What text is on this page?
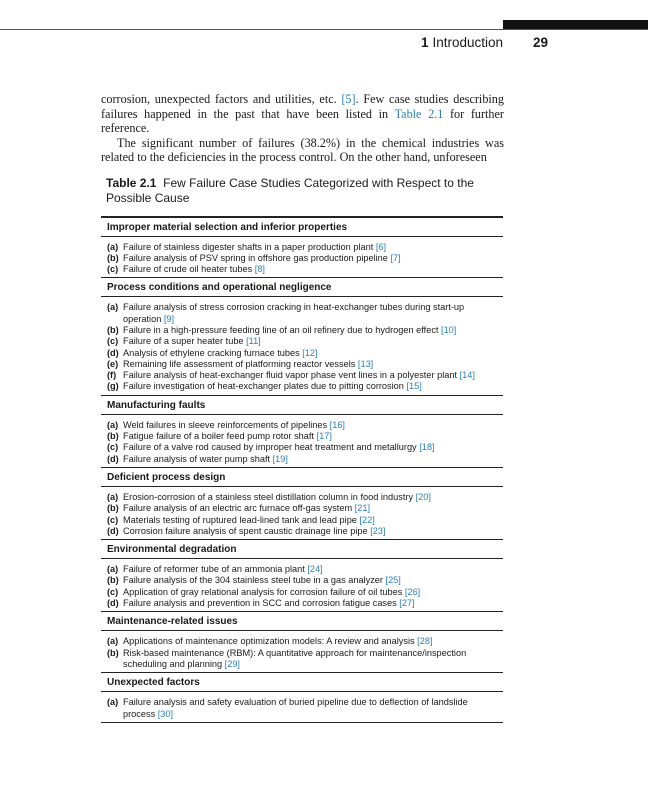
1 Introduction 29

corrosion, unexpected factors and utilities, etc. [5]. Few case studies describing failures happened in the past that have been listed in Table 2.1 for further reference.

The significant number of failures (38.2%) in the chemical industries was related to the deficiencies in the process control. On the other hand, unforeseen

Table 2.1 Few Failure Case Studies Categorized with Respect to the Possible Cause
Improper material selection and inferior properties
(a) Failure of stainless digester shafts in a paper production plant [6]
(b) Failure analysis of PSV spring in offshore gas production pipeline [7]
(c) Failure of crude oil heater tubes [8]
Process conditions and operational negligence
(a) Failure analysis of stress corrosion cracking in heat-exchanger tubes during start-up operation [9]
(b) Failure in a high-pressure feeding line of an oil refinery due to hydrogen effect [10]
(c) Failure of a super heater tube [11]
(d) Analysis of ethylene cracking furnace tubes [12]
(e) Remaining life assessment of platforming reactor vessels [13]
(f) Failure analysis of heat-exchanger fluid vapor phase vent lines in a polyester plant [14]
(g) Failure investigation of heat-exchanger plates due to pitting corrosion [15]
Manufacturing faults
(a) Weld failures in sleeve reinforcements of pipelines [16]
(b) Fatigue failure of a boiler feed pump rotor shaft [17]
(c) Failure of a valve rod caused by improper heat treatment and metallurgy [18]
(d) Failure analysis of water pump shaft [19]
Deficient process design
(a) Erosion-corrosion of a stainless steel distillation column in food industry [20]
(b) Failure analysis of an electric arc furnace off-gas system [21]
(c) Materials testing of ruptured lead-lined tank and lead pipe [22]
(d) Corrosion failure analysis of spent caustic drainage line pipe [23]
Environmental degradation
(a) Failure of reformer tube of an ammonia plant [24]
(b) Failure analysis of the 304 stainless steel tube in a gas analyzer [25]
(c) Application of gray relational analysis for corrosion failure of oil tubes [26]
(d) Failure analysis and prevention in SCC and corrosion fatigue cases [27]
Maintenance-related issues
(a) Applications of maintenance optimization models: A review and analysis [28]
(b) Risk-based maintenance (RBM): A quantitative approach for maintenance/inspection scheduling and planning [29]
Unexpected factors
(a) Failure analysis and safety evaluation of buried pipeline due to deflection of landslide process [30]
